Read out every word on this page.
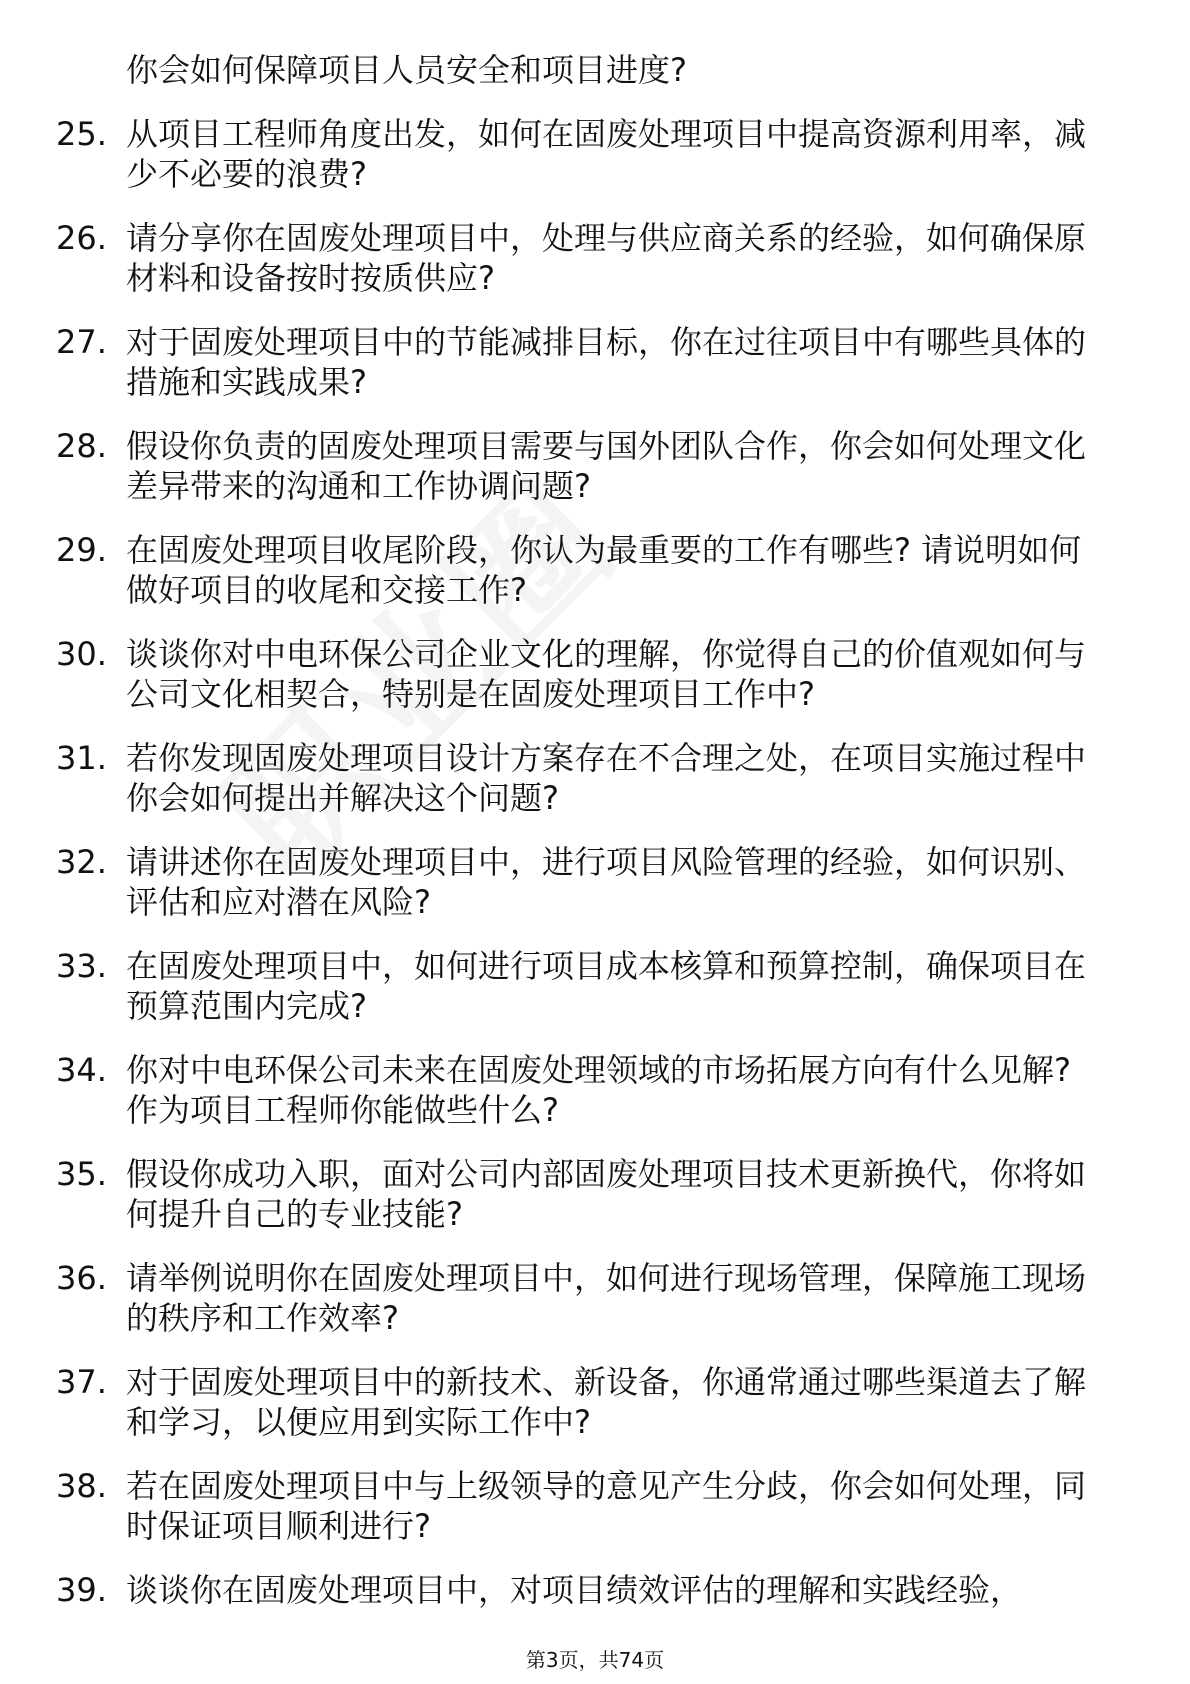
你会如何保障项目人员安全和项目进度?
25. 从项目工程师角度出发，如何在固废处理项目中提高资源利用率，减少不必要的浪费?
26. 请分享你在固废处理项目中，处理与供应商关系的经验，如何确保原材料和设备按时按质供应?
27. 对于固废处理项目中的节能减排目标，你在过往项目中有哪些具体的措施和实践成果?
28. 假设你负责的固废处理项目需要与国外团队合作，你会如何处理文化差异带来的沟通和工作协调问题?
29. 在固废处理项目收尾阶段，你认为最重要的工作有哪些? 请说明如何做好项目的收尾和交接工作?
30. 谈谈你对中电环保公司企业文化的理解，你觉得自己的价值观如何与公司文化相契合，特别是在固废处理项目工作中?
31. 若你发现固废处理项目设计方案存在不合理之处，在项目实施过程中你会如何提出并解决这个问题?
32. 请讲述你在固废处理项目中，进行项目风险管理的经验，如何识别、评估和应对潜在风险?
33. 在固废处理项目中，如何进行项目成本核算和预算控制，确保项目在预算范围内完成?
34. 你对中电环保公司未来在固废处理领域的市场拓展方向有什么见解? 作为项目工程师你能做些什么?
35. 假设你成功入职，面对公司内部固废处理项目技术更新换代，你将如何提升自己的专业技能?
36. 请举例说明你在固废处理项目中，如何进行现场管理，保障施工现场的秩序和工作效率?
37. 对于固废处理项目中的新技术、新设备，你通常通过哪些渠道去了解和学习，以便应用到实际工作中?
38. 若在固废处理项目中与上级领导的意见产生分歧，你会如何处理，同时保证项目顺利进行?
39. 谈谈你在固废处理项目中，对项目绩效评估的理解和实践经验，
第3页，共74页
